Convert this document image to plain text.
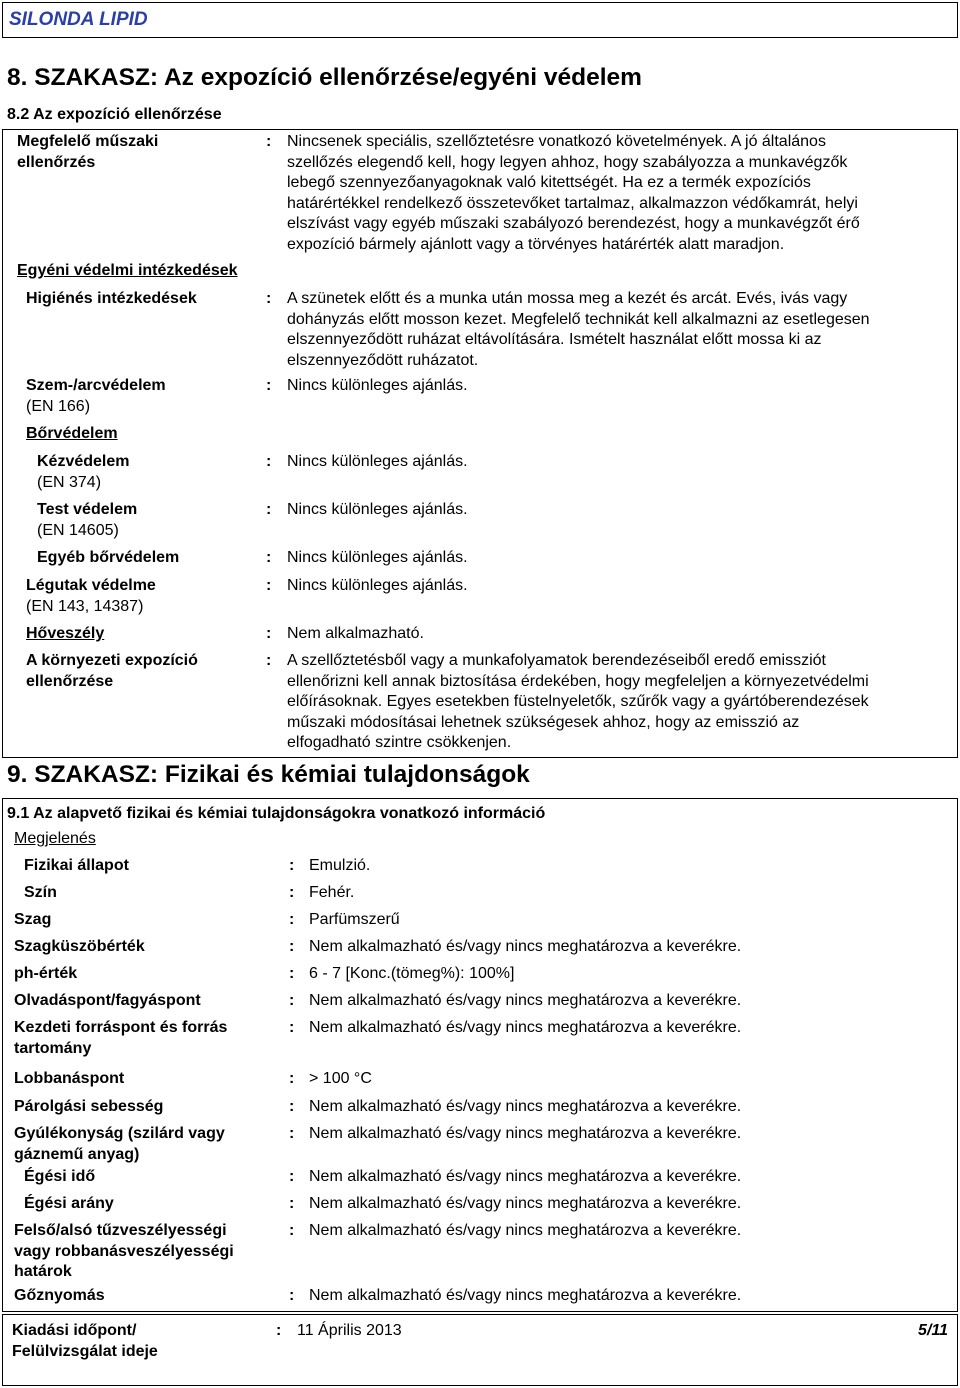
SILONDA LIPID
8. SZAKASZ: Az expozíció ellenőrzése/egyéni védelem
8.2 Az expozíció ellenőrzése
Megfelelő műszaki
ellenőrzés
: Nincsenek speciális, szellőztetésre vonatkozó követelmények. A jó általános
szellőzés elegendő kell, hogy legyen ahhoz, hogy szabályozza a munkavégzők
lebegő szennyezőanyagoknak való kitettségét. Ha ez a termék expozíciós
határértékkel rendelkező összetevőket tartalmaz, alkalmazzon védőkamrát, helyi
elszívást vagy egyéb műszaki szabályozó berendezést, hogy a munkavégzőt érő
expozíció bármely ajánlott vagy a törvényes határérték alatt maradjon.
Egyéni védelmi intézkedések
Higiénés intézkedések	: A szünetek előtt és a munka után mossa meg a kezét és arcát. Evés, ivás vagy
dohányzás előtt mosson kezet. Megfelelő technikát kell alkalmazni az esetlegesen
elszennyeződött ruházat eltávolítására. Ismételt használat előtt mossa ki az
elszennyeződött ruházatot.
Szem-/arcvédelem
(EN 166)
: Nincs különleges ajánlás.
Bőrvédelem
Kézvédelem
(EN 374)
: Nincs különleges ajánlás.
Test védelem
(EN 14605)
: Nincs különleges ajánlás.
Egyéb bőrvédelem	: Nincs különleges ajánlás.
Légutak védelme
(EN 143, 14387)
: Nincs különleges ajánlás.
Hőveszély	: Nem alkalmazható.
A környezeti expozíció
ellenőrzése
: A szellőztetésből vagy a munkafolyamatok berendezéseiből eredő emissziót
ellenőrizni kell annak biztosítása érdekében, hogy megfeleljen a környezetvédelmi
előírásoknak. Egyes esetekben füstelnyeletők, szűrők vagy a gyártóberendezések
műszaki módosításai lehetnek szükségesek ahhoz, hogy az emisszió az
elfogadható szintre csökkenjen.
9. SZAKASZ: Fizikai és kémiai tulajdonságok
9.1 Az alapvető fizikai és kémiai tulajdonságokra vonatkozó információ
Megjelenés
Fizikai állapot	: Emulzió.
Szín	: Fehér.
Szag	: Parfümszerű
Szagküszöbérték	: Nem alkalmazható és/vagy nincs meghatározva a keverékre.
ph-érték	: 6 - 7 [Konc.(tömeg%): 100%]
Olvadáspont/fagyáspont	: Nem alkalmazható és/vagy nincs meghatározva a keverékre.
Kezdeti forráspont és forrás
tartomány
: Nem alkalmazható és/vagy nincs meghatározva a keverékre.
Lobbanáspont	: > 100 °C
Párolgási sebesség	: Nem alkalmazható és/vagy nincs meghatározva a keverékre.
Gyúlékonyság (szilárd vagy
gáznemű anyag)
: Nem alkalmazható és/vagy nincs meghatározva a keverékre.
Égési idő	: Nem alkalmazható és/vagy nincs meghatározva a keverékre.
Égési arány	: Nem alkalmazható és/vagy nincs meghatározva a keverékre.
Felső/alsó tűzveszélyességi
vagy robbanásveszélyességi
határok
: Nem alkalmazható és/vagy nincs meghatározva a keverékre.
Gőznyomás	: Nem alkalmazható és/vagy nincs meghatározva a keverékre.
Kiadási időpont/
Felülvizsgálat ideje
: 11 Április 2013	5/11
